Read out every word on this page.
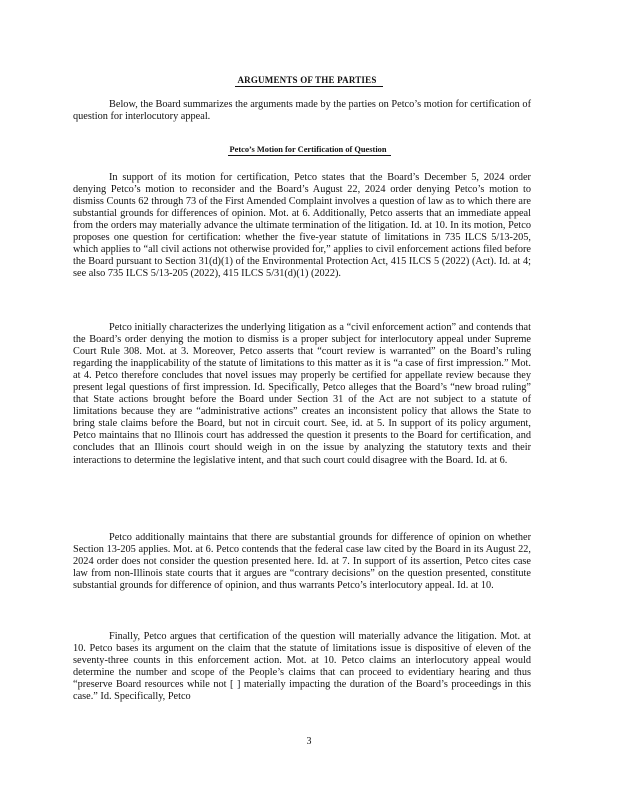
ARGUMENTS OF THE PARTIES

Below, the Board summarizes the arguments made by the parties on Petco’s motion for certification of question for interlocutory appeal.

Petco’s Motion for Certification of Question

In support of its motion for certification, Petco states that the Board’s December 5, 2024 order denying Petco’s motion to reconsider and the Board’s August 22, 2024 order denying Petco’s motion to dismiss Counts 62 through 73 of the First Amended Complaint involves a question of law as to which there are substantial grounds for differences of opinion. Mot. at 6. Additionally, Petco asserts that an immediate appeal from the orders may materially advance the ultimate termination of the litigation. Id. at 10. In its motion, Petco proposes one question for certification: whether the five-year statute of limitations in 735 ILCS 5/13-205, which applies to “all civil actions not otherwise provided for,” applies to civil enforcement actions filed before the Board pursuant to Section 31(d)(1) of the Environmental Protection Act, 415 ILCS 5 (2022) (Act). Id. at 4; see also 735 ILCS 5/13-205 (2022), 415 ILCS 5/31(d)(1) (2022).

Petco initially characterizes the underlying litigation as a “civil enforcement action” and contends that the Board’s order denying the motion to dismiss is a proper subject for interlocutory appeal under Supreme Court Rule 308. Mot. at 3. Moreover, Petco asserts that “court review is warranted” on the Board’s ruling regarding the inapplicability of the statute of limitations to this matter as it is “a case of first impression.” Mot. at 4. Petco therefore concludes that novel issues may properly be certified for appellate review because they present legal questions of first impression. Id. Specifically, Petco alleges that the Board’s “new broad ruling” that State actions brought before the Board under Section 31 of the Act are not subject to a statute of limitations because they are “administrative actions” creates an inconsistent policy that allows the State to bring stale claims before the Board, but not in circuit court. See, id. at 5. In support of its policy argument, Petco maintains that no Illinois court has addressed the question it presents to the Board for certification, and concludes that an Illinois court should weigh in on the issue by analyzing the statutory texts and their interactions to determine the legislative intent, and that such court could disagree with the Board. Id. at 6.

Petco additionally maintains that there are substantial grounds for difference of opinion on whether Section 13-205 applies. Mot. at 6. Petco contends that the federal case law cited by the Board in its August 22, 2024 order does not consider the question presented here. Id. at 7. In support of its assertion, Petco cites case law from non-Illinois state courts that it argues are “contrary decisions” on the question presented, constitute substantial grounds for difference of opinion, and thus warrants Petco’s interlocutory appeal. Id. at 10.

Finally, Petco argues that certification of the question will materially advance the litigation. Mot. at 10. Petco bases its argument on the claim that the statute of limitations issue is dispositive of eleven of the seventy-three counts in this enforcement action. Mot. at 10. Petco claims an interlocutory appeal would determine the number and scope of the People’s claims that can proceed to evidentiary hearing and thus “preserve Board resources while not [ ] materially impacting the duration of the Board’s proceedings in this case.” Id. Specifically, Petco

3
